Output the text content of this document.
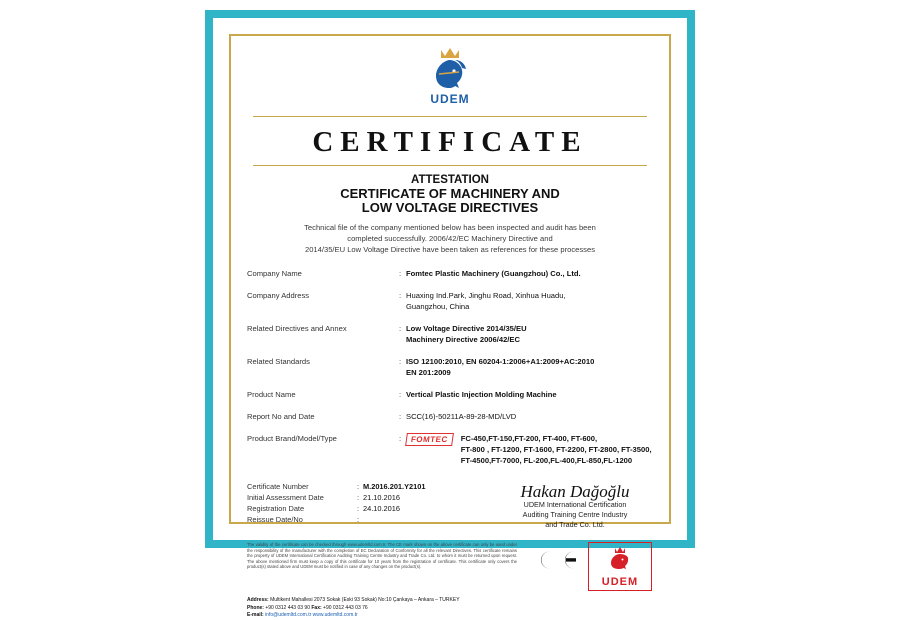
UDEM
CERTIFICATE
ATTESTATION
CERTIFICATE OF MACHINERY AND
LOW VOLTAGE DIRECTIVES
Technical file of the company mentioned below has been inspected and audit has been
completed successfully. 2006/42/EC Machinery Directive and
2014/35/EU Low Voltage Directive have been taken as references for these processes
Company Name	: Fomtec Plastic Machinery (Guangzhou) Co., Ltd.
Company Address	: Huaxing Ind.Park, Jinghu Road, Xinhua Huadu,
Guangzhou, China
Related Directives and Annex	: Low Voltage Directive 2014/35/EU
Machinery Directive 2006/42/EC
Related Standards	: ISO 12100:2010, EN 60204-1:2006+A1:2009+AC:2010
EN 201:2009
Product Name	: Vertical Plastic Injection Molding Machine
Report No and Date	: SCC(16)-50211A-89-28-MD/LVD
Product Brand/Model/Type	:	FOMTEC	FC-450,FT-150,FT-200, FT-400, FT-600,
FT-800 , FT-1200, FT-1600, FT-2200, FT-2800, FT-3500,
FT-4500,FT-7000, FL-200,FL-400,FL-850,FL-1200
Certificate Number	: M.2016.201.Y2101
Initial Assessment Date	: 21.10.2016
Registration Date	: 24.10.2016
Reissue Date/No	:
Hakan Dağoğlu
UDEM International Certification
Auditing Training Centre Industry
and Trade Co. Ltd.
The validity of the certificate can be checked through www.udemltd.com.tr. The CE mark shown on the above certificate can only be used under the responsibility of the manufacturer with the completion of EC Declaration of Conformity for all the relevant Directives. This certificate remains the property of UDEM International Certification Auditing Training Centre Industry and Trade Co. Ltd. to whom it must be returned upon request. The above mentioned firm must keep a copy of this certificate for 10 years from the registration of certificate. This certificate only covers the product(s) stated above and UDEM must be notified in case of any changes on the product(s).
UDEM
Address: Multikent Mahallesi 2073 Sokak (Eski 93 Sokak) No:10 Çankaya – Ankara – TURKEY
Phone: +90 0312 443 03 90 Fax: +90 0312 443 03 76
E-mail: info@udemltd.com.tr www.udemltd.com.tr
